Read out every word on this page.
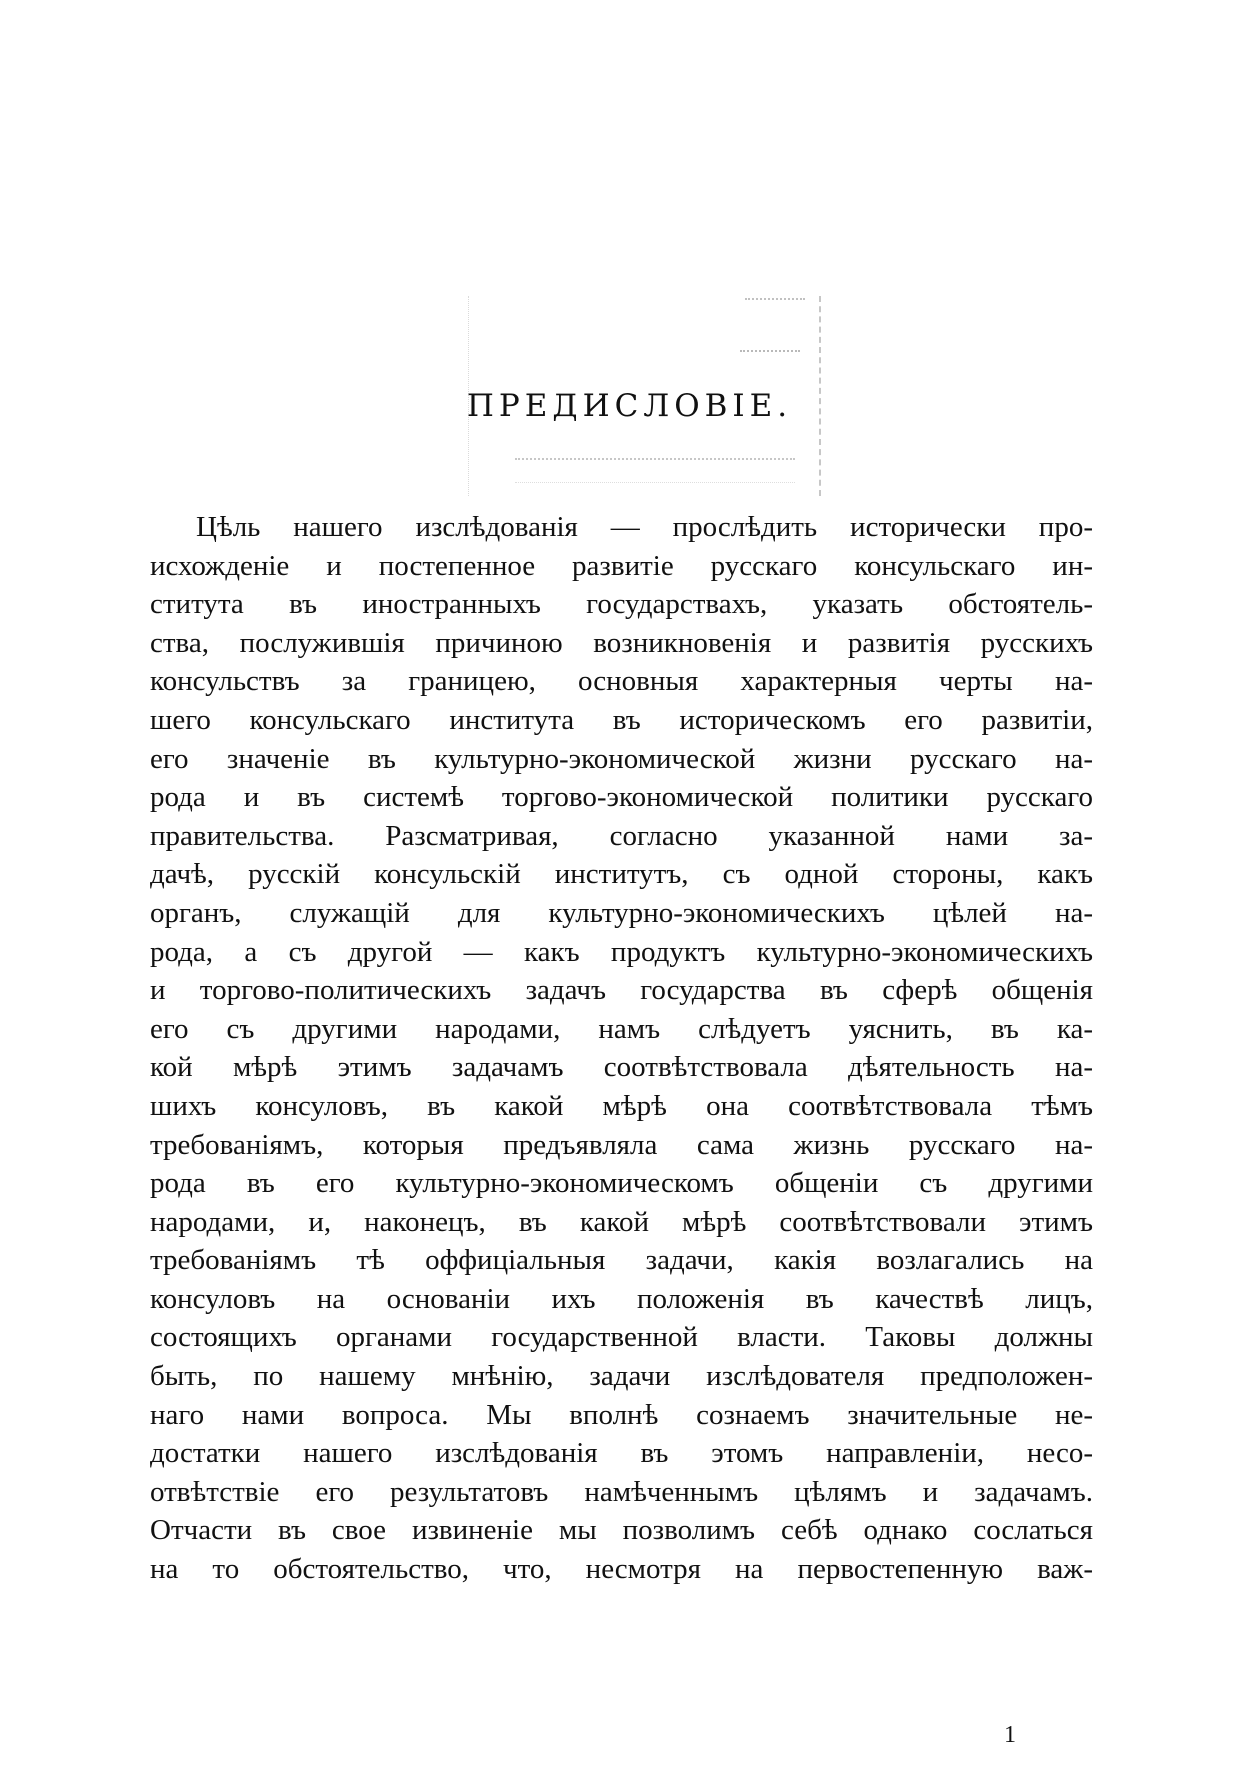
ПРЕДИСЛОВIЕ.
Цѣль нашего изслѣдованія — прослѣдить исторически про-
исхожденіе и постепенное развитіе русскаго консульскаго ин-
ститута въ иностранныхъ государствахъ, указать обстоятель-
ства, послужившія причиною возникновенія и развитія русскихъ
консульствъ за границею, основныя характерныя черты на-
шего консульскаго института въ историческомъ его развитіи,
его значеніе въ культурно-экономической жизни русскаго на-
рода и въ системѣ торгово-экономической политики русскаго
правительства. Разсматривая, согласно указанной нами за-
дачѣ, русскій консульскій институтъ, съ одной стороны, какъ
органъ, служащій для культурно-экономическихъ цѣлей на-
рода, а съ другой — какъ продуктъ культурно-экономическихъ
и торгово-политическихъ задачъ государства въ сферѣ общенія
его съ другими народами, намъ слѣдуетъ уяснить, въ ка-
кой мѣрѣ этимъ задачамъ соотвѣтствовала дѣятельность на-
шихъ консуловъ, въ какой мѣрѣ она соотвѣтствовала тѣмъ
требованіямъ, которыя предъявляла сама жизнь русскаго на-
рода въ его культурно-экономическомъ общеніи съ другими
народами, и, наконецъ, въ какой мѣрѣ соотвѣтствовали этимъ
требованіямъ тѣ оффиціальныя задачи, какія возлагались на
консуловъ на основаніи ихъ положенія въ качествѣ лицъ,
состоящихъ органами государственной власти. Таковы должны
быть, по нашему мнѣнію, задачи изслѣдователя предположен-
наго нами вопроса. Мы вполнѣ сознаемъ значительные не-
достатки нашего изслѣдованія въ этомъ направленіи, несо-
отвѣтствіе его результатовъ намѣченнымъ цѣлямъ и задачамъ.
Отчасти въ свое извиненіе мы позволимъ себѣ однако сослаться
на то обстоятельство, что, несмотря на первостепенную важ-
1
